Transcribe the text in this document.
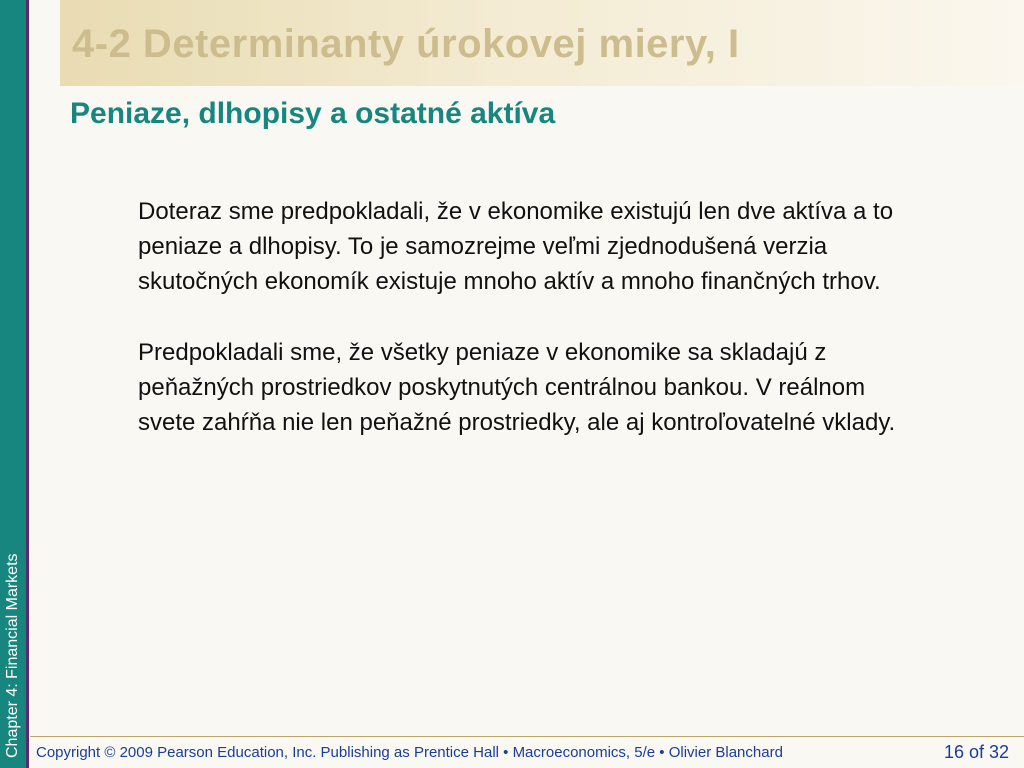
Chapter 4: Financial Markets
4-2 Determinanty úrokovej miery, I
Peniaze, dlhopisy a ostatné aktíva

Doteraz sme predpokladali, že v ekonomike existujú len dve aktíva a to peniaze a dlhopisy. To je samozrejme veľmi zjednodušená verzia skutočných ekonomík existuje mnoho aktív a mnoho finančných trhov.

Predpokladali sme, že všetky peniaze v ekonomike sa skladajú z peňažných prostriedkov poskytnutých centrálnou bankou. V reálnom svete zahŕňa nie len peňažné prostriedky, ale aj kontroľovatelné vklady.

Copyright © 2009 Pearson Education, Inc. Publishing as Prentice Hall • Macroeconomics, 5/e • Olivier Blanchard	16 of 32
